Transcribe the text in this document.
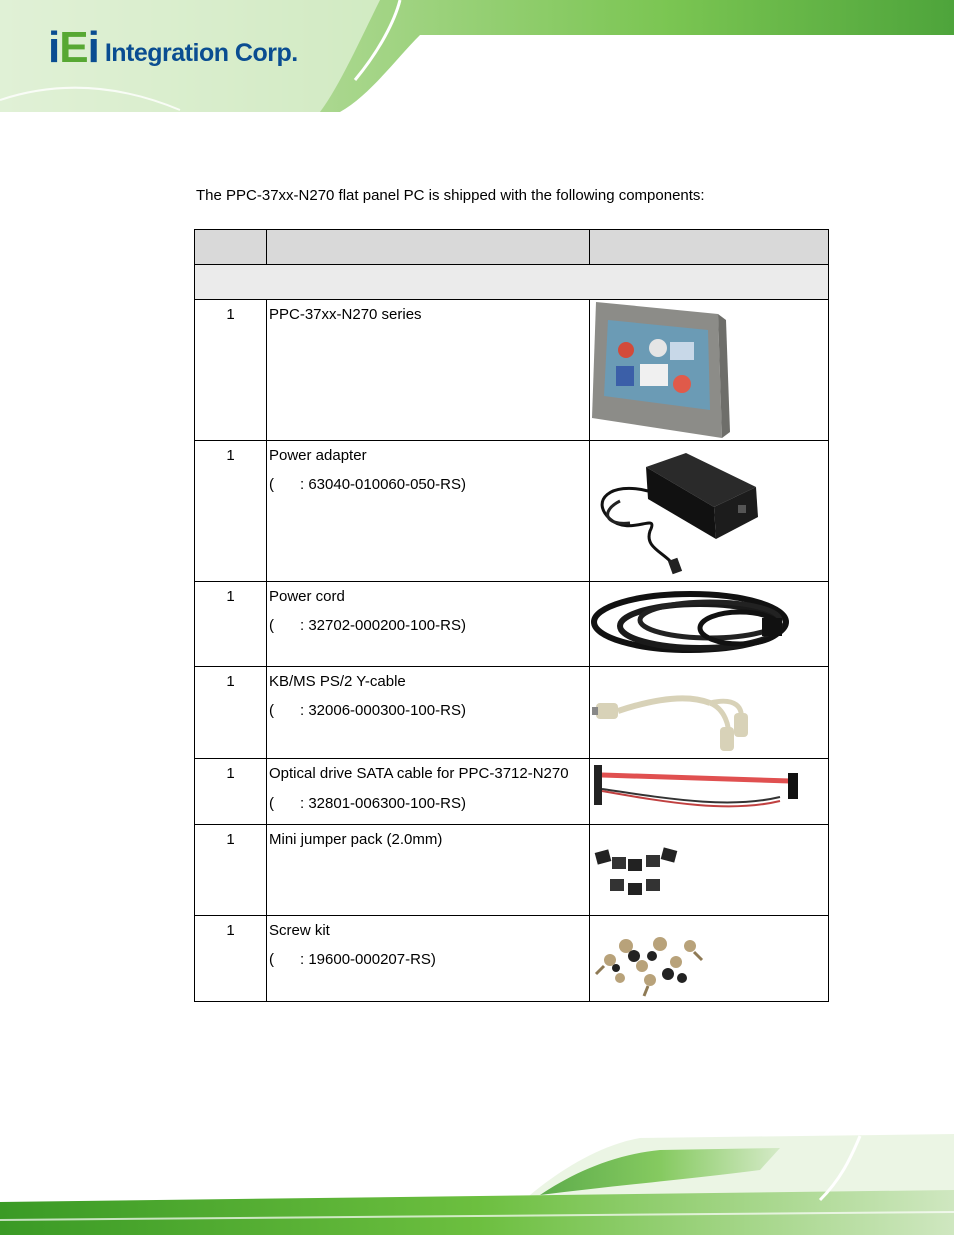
iEi Integration Corp.
The PPC-37xx-N270 flat panel PC is shipped with the following components:

1	PPC-37xx-N270 series

1	Power adapter
( : 63040-010060-050-RS)

1	Power cord
( : 32702-000200-100-RS)

1	KB/MS PS/2 Y-cable
( : 32006-000300-100-RS)

1	Optical drive SATA cable for PPC-3712-N270
( : 32801-006300-100-RS)

1	Mini jumper pack (2.0mm)

1	Screw kit
( : 19600-000207-RS)
